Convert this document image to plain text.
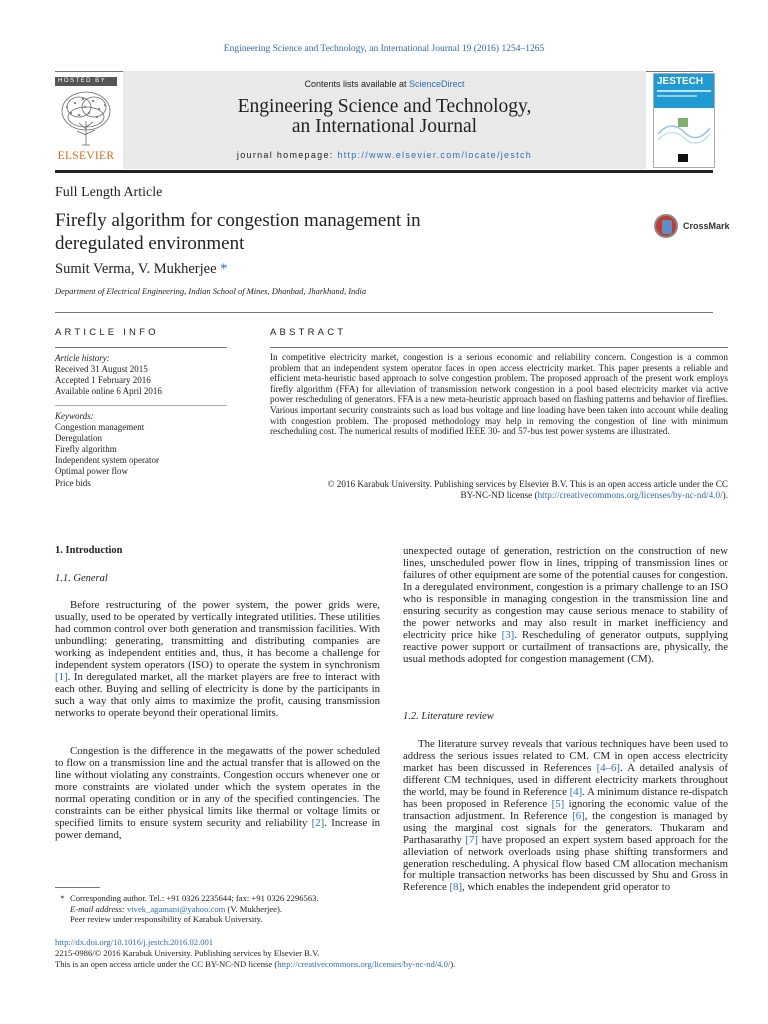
Engineering Science and Technology, an International Journal 19 (2016) 1254–1265
HOSTED BY
ELSEVIER
Contents lists available at ScienceDirect
Engineering Science and Technology,
an International Journal
journal homepage: http://www.elsevier.com/locate/jestch
JESTECH
Full Length Article
Firefly algorithm for congestion management in
deregulated environment
CrossMark
Sumit Verma, V. Mukherjee *
Department of Electrical Engineering, Indian School of Mines, Dhanbad, Jharkhand, India
ARTICLE INFO	ABSTRACT
Article history:
Received 31 August 2015
Accepted 1 February 2016
Available online 6 April 2016
Keywords:
Congestion management
Deregulation
Firefly algorithm
Independent system operator
Optimal power flow
Price bids
In competitive electricity market, congestion is a serious economic and reliability concern. Congestion is a common problem that an independent system operator faces in open access electricity market. This paper presents a reliable and efficient meta-heuristic based approach to solve congestion problem. The proposed approach of the present work employs firefly algorithm (FFA) for alleviation of transmission network congestion in a pool based electricity market via active power rescheduling of generators. FFA is a new meta-heuristic approach based on flashing patterns and behavior of fireflies. Various important security constraints such as load bus voltage and line loading have been taken into account while dealing with congestion problem. The proposed methodology may help in removing the congestion of line with minimum rescheduling cost. The numerical results of modified IEEE 30- and 57-bus test power systems are illustrated.
© 2016 Karabuk University. Publishing services by Elsevier B.V. This is an open access article under the CC
BY-NC-ND license (http://creativecommons.org/licenses/by-nc-nd/4.0/).
1. Introduction
1.1. General
Before restructuring of the power system, the power grids were, usually, used to be operated by vertically integrated utilities. These utilities had common control over both generation and transmission facilities. With unbundling: generating, transmitting and distributing companies are working as independent entities and, thus, it has become a challenge for independent system operators (ISO) to operate the system in synchronism [1]. In deregulated market, all the market players are free to interact with each other. Buying and selling of electricity is done by the participants in such a way that only aims to maximize the profit, causing transmission networks to operate beyond their operational limits.
Congestion is the difference in the megawatts of the power scheduled to flow on a transmission line and the actual transfer that is allowed on the line without violating any constraints. Congestion occurs whenever one or more constraints are violated under which the system operates in the normal operating condition or in any of the specified contingencies. The constraints can be either physical limits like thermal or voltage limits or specified limits to ensure system security and reliability [2]. Increase in power demand,
unexpected outage of generation, restriction on the construction of new lines, unscheduled power flow in lines, tripping of transmission lines or failures of other equipment are some of the potential causes for congestion. In a deregulated environment, congestion is a primary challenge to an ISO who is responsible in managing congestion in the transmission line and ensuring security as congestion may cause serious menace to stability of the power networks and may also result in market inefficiency and electricity price hike [3]. Rescheduling of generator outputs, supplying reactive power support or curtailment of transactions are, physically, the usual methods adopted for congestion management (CM).
1.2. Literature review
The literature survey reveals that various techniques have been used to address the serious issues related to CM. CM in open access electricity market has been discussed in References [4–6]. A detailed analysis of different CM techniques, used in different electricity markets throughout the world, may be found in Reference [4]. A minimum distance re-dispatch has been proposed in Reference [5] ignoring the economic value of the transaction adjustment. In Reference [6], the congestion is managed by using the marginal cost signals for the generators. Thukaram and Parthasarathy [7] have proposed an expert system based approach for the alleviation of network overloads using phase shifting transformers and generation rescheduling. A physical flow based CM allocation mechanism for multiple transaction networks has been discussed by Shu and Gross in Reference [8], which enables the independent grid operator to
* Corresponding author. Tel.: +91 0326 2235644; fax: +91 0326 2296563.
E-mail address: vivek_agamani@yahoo.com (V. Mukherjee).
Peer review under responsibility of Karabuk University.
http://dx.doi.org/10.1016/j.jestch.2016.02.001
2215-0986/© 2016 Karabuk University. Publishing services by Elsevier B.V.
This is an open access article under the CC BY-NC-ND license (http://creativecommons.org/licenses/by-nc-nd/4.0/).
